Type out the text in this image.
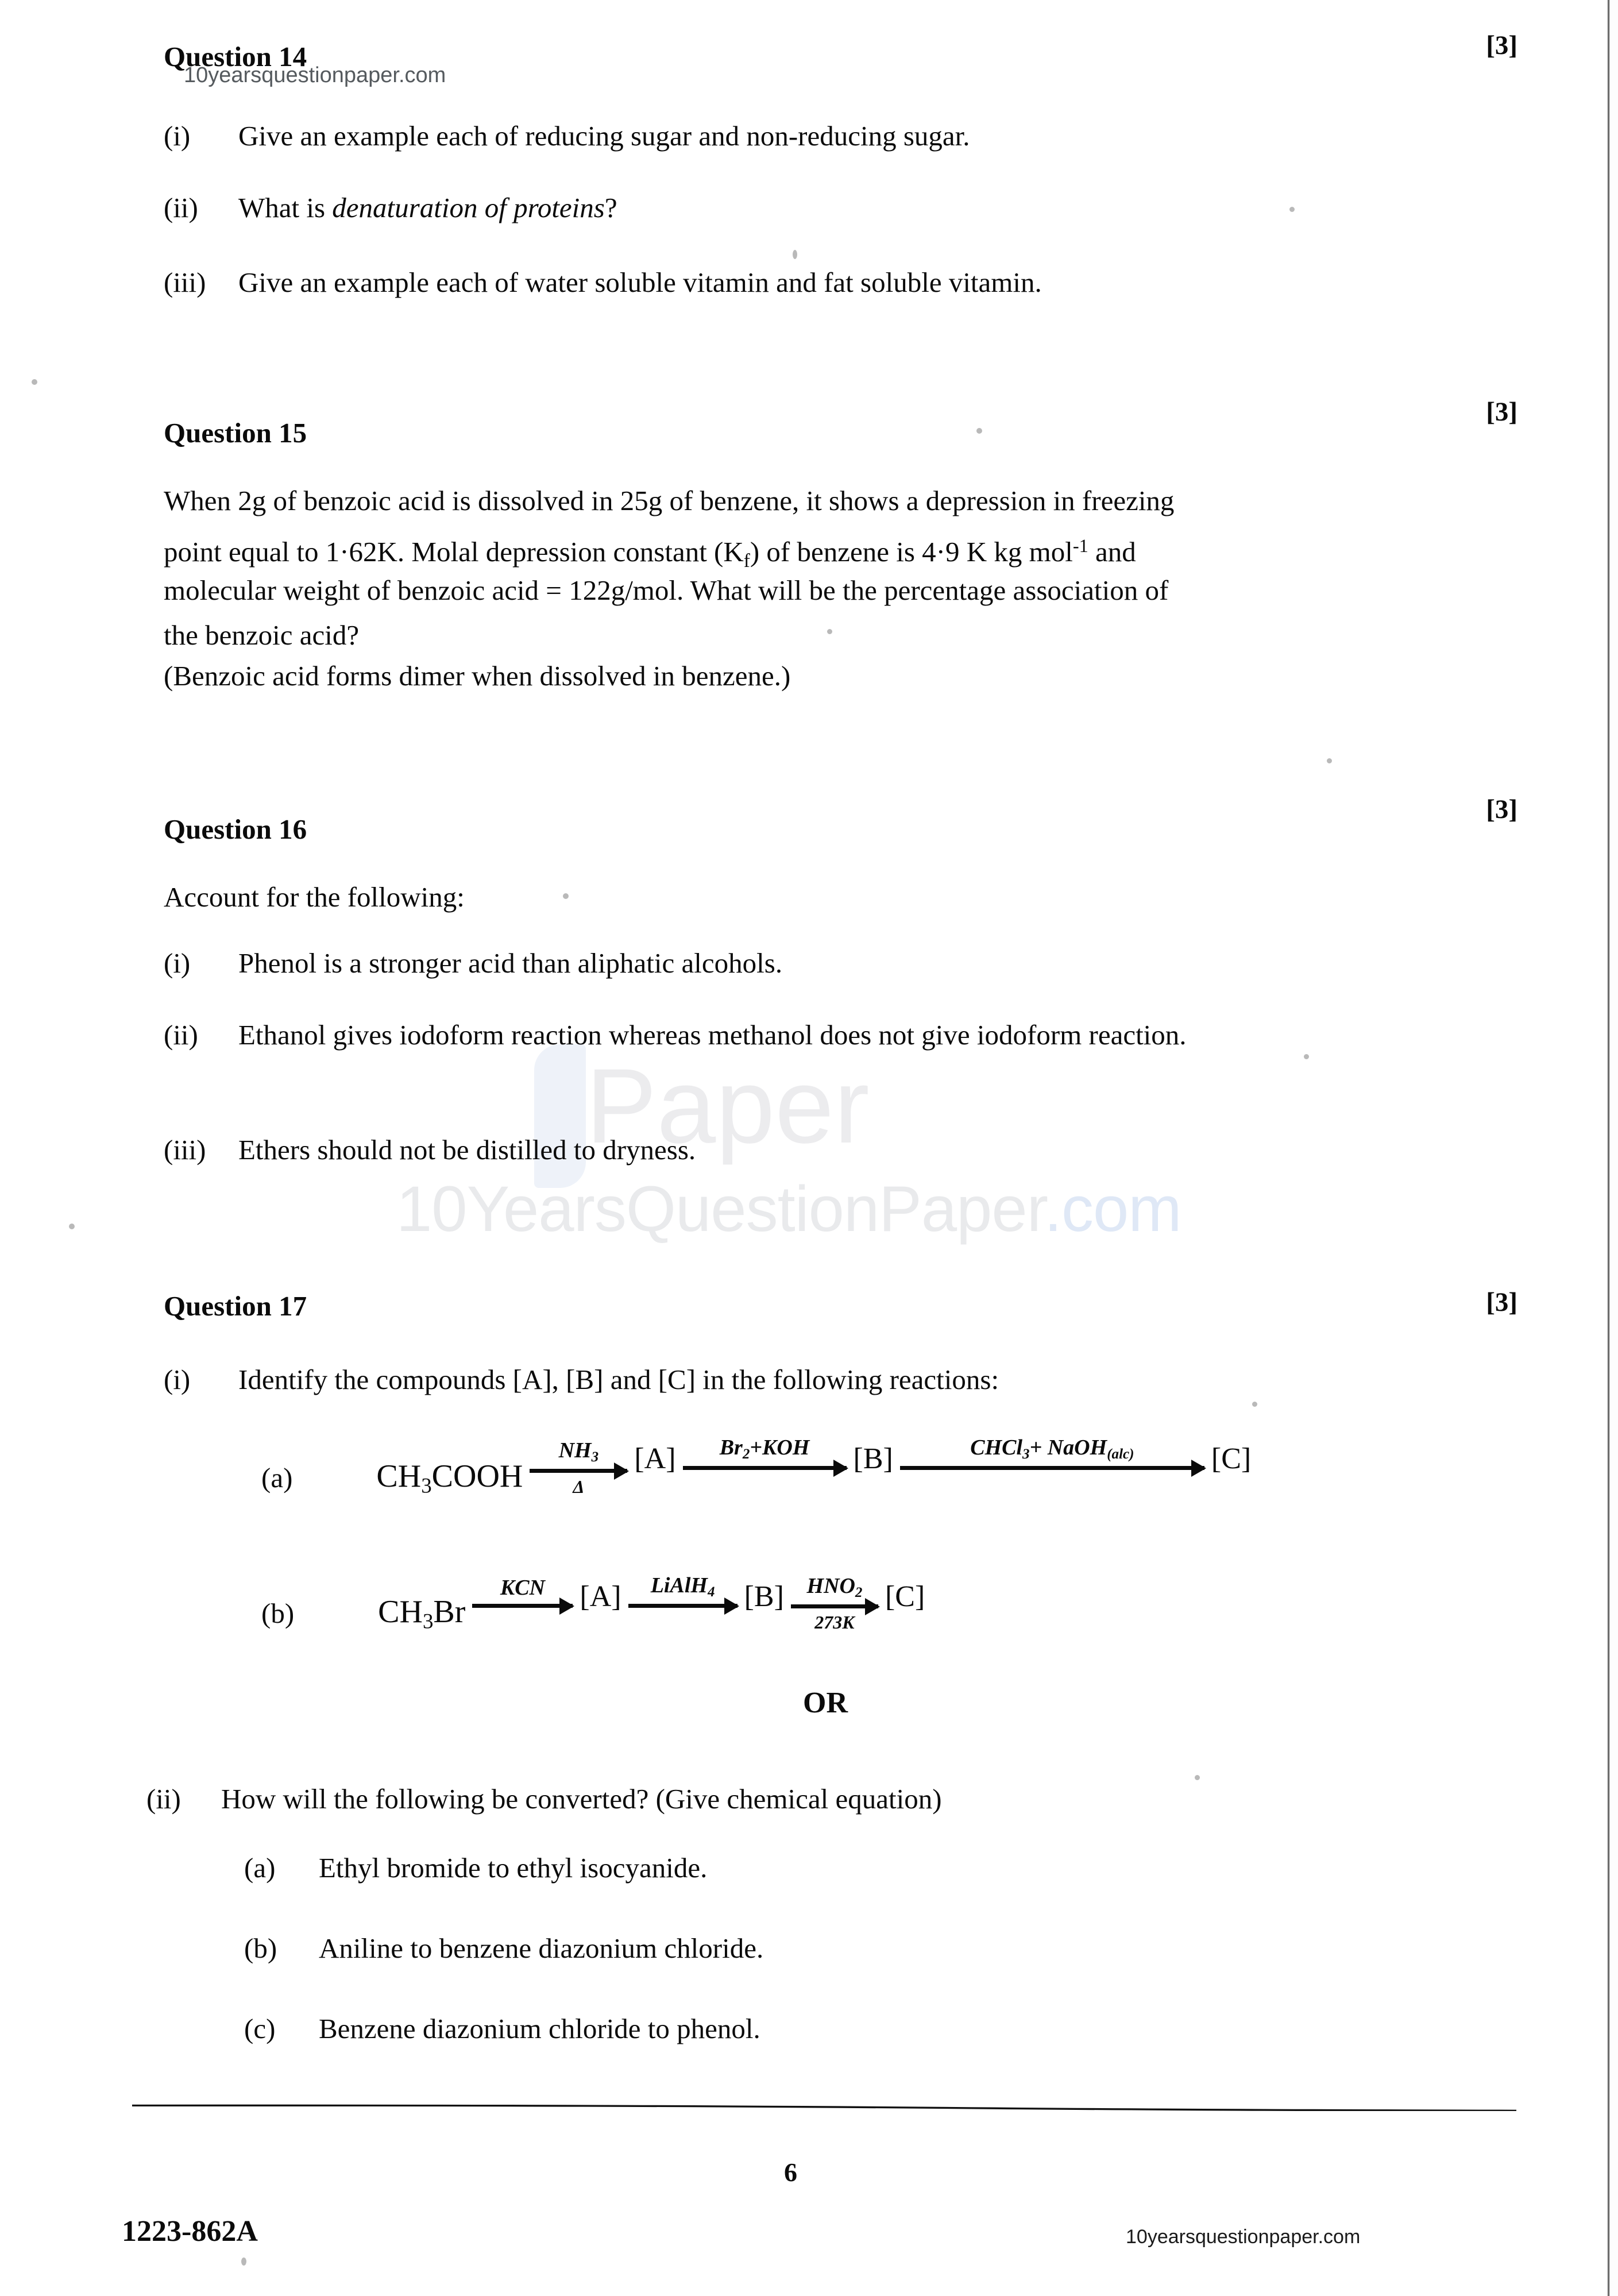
Paper
10YearsQuestionPaper.com
Question 14
10yearsquestionpaper.com
[3]
(i)	Give an example each of reducing sugar and non-reducing sugar.
(ii)	What is denaturation of proteins?
(iii)	Give an example each of water soluble vitamin and fat soluble vitamin.
Question 15
[3]
When 2g of benzoic acid is dissolved in 25g of benzene, it shows a depression in freezing
point equal to 1·62K. Molal depression constant $(K_f)$ of benzene is 4·9 K kg mol$^{-1}$ and
molecular weight of benzoic acid = 122g/mol. What will be the percentage association of
the benzoic acid?
(Benzoic acid forms dimer when dissolved in benzene.)
Question 16
[3]
Account for the following:
(i)	Phenol is a stronger acid than aliphatic alcohols.
(ii)	Ethanol gives iodoform reaction whereas methanol does not give iodoform reaction.
(iii)	Ethers should not be distilled to dryness.
Question 17	[3]
(i)	Identify the compounds [A], [B] and [C] in the following reactions:
(a)	$CH_3COOH$
$NH_3$
Δ
[A] $Br_2+KOH$ [B]	CHCl$_3$+ NaOH$_{(alc)}$	[C]
(b)	$CH_3Br$
KCN [A] LiAlH$_4$ [B] $HNO_2$
273K
[C]
OR
(ii)	How will the following be converted? (Give chemical equation)
(a)	Ethyl bromide to ethyl isocyanide.
(b)	Aniline to benzene diazonium chloride.
(c)	Benzene diazonium chloride to phenol.
6
1223-862A	10yearsquestionpaper.com
